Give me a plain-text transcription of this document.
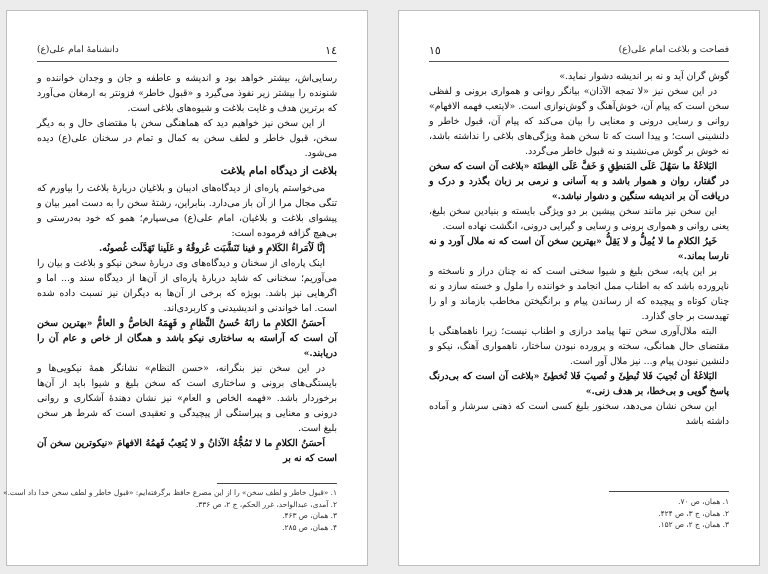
١٤
دانشنامهٔ امام علی(ع)

رسایی‌اش، بیشتر خواهد بود و اندیشه و عاطفه و جان و وجدان خواننده و شنونده را بیشتر زیر نفوذ می‌گیرد و «قبول خاطر» فزونتر به ارمغان می‌آورد که برترین هدف و غایت بلاغت و شیوه‌های بلاغی است.

از این سخن نیز خواهیم دید که هماهنگی سخن با مقتضای حال و به دیگر سخن، قبول خاطر و لطف سخن به کمال و تمام در سخنان علی(ع) دیده می‌شود.

بلاغت از دیدگاه امام بلاغت

می‌خواستم پاره‌ای از دیدگاه‌های ادیبان و بلاغیان دربارهٔ بلاغت را بیاورم که تنگی مجال مرا از آن باز می‌دارد. بنابراین، رشتهٔ سخن را به دست امیر بیان و پیشوای بلاغت و بلاغیان، امام علی(ع) می‌سپارم؛ همو که خود به‌درستی و بی‌هیچ گزافه فرموده است:

إنَّا لَاُمَراءُ الکَلامِ و فینا تَنَشَّبَت عُروقُهُ و عَلَینا تَهَدَّلَت غُصونُه.

اینک پاره‌ای از سخنان و دیدگاه‌های وی دربارهٔ سخن نیکو و بلاغت و بیان را می‌آوریم؛ سخنانی که شاید دربارهٔ پاره‌ای از آن‌ها از دیدگاه سند و... اما و اگرهایی نیز باشد. بویژه که برخی از آن‌ها به دیگران نیز نسبت داده شده است. اما خواندنی و اندیشیدنی و کاربردی‌اند.

اَحسَنُ الکلامِ ما زانَهُ حُسنُ النِّظامِ و فَهِمَهُ الخاصُّ و العامُّ «بهترین سخن آن است که آراسته به ساختاری نیکو باشد و همگان از خاص و عام آن را دریابند.»

در این سخن نیز بنگرانه، «حسن النظام» نشانگر همهٔ نیکویی‌ها و بایستگی‌های برونی و ساختاری است که سخن بلیغ و شیوا باید از آن‌ها برخوردار باشد. «فهمه الخاص و العام» نیز نشان دهندهٔ آشکاری و روانی درونی و معنایی و پیراستگی از پیچیدگی و تعقیدی است که شرط هر سخن بلیغ است.

اَحسَنُ الکلامِ ما لا تَمُجُّهُ الآذانُ و لا یُتعِبُ فَهمُهُ الافهامَ «نیکوترین سخن آن است که نه بر

١. «قبول خاطر و لطف سخن» را از این مصرع حافظ برگرفته‌ایم: «قبول خاطر و لطف سخن خدا داد است.»
٢. آمدی، عبدالواحد، غرر الحکم، ج ٢، ص ٣٣۶.
٣. همان، ص ۴۶٣.
۴. همان، ص ٢٨۵.
١٥	فصاحت و بلاغت امام علی(ع)

گوش گران آید و نه بر اندیشه دشوار نماید.»

در این سخن نیز «لا تمجه الآذان» بیانگر روانی و همواری برونی و لفظی سخن است که پیام آن، خوش‌آهنگ و گوش‌نوازی است. «لایتعب فهمه الافهام» روانی و رسایی درونی و معنایی را بیان می‌کند که پیام آن، قبول خاطر و دلنشینی است؛ و پیدا است که تا سخن همهٔ ویژگی‌های بلاغی را نداشته باشد، نه خوش بر گوش می‌نشیند و نه قبول خاطر می‌گردد.

البَلاغَةُ ما سَهُلَ عَلَی المَنطِقِ وَ خَفَّ عَلَی الفِطنَة «بلاغت آن است که سخن در گفتار، روان و هموار باشد و به آسانی و نرمی بر زبان بگذرد و درک و دریافت آن بر اندیشه سنگین و دشوار نباشد.»

این سخن نیز مانند سخن پیشین بر دو ویژگی بایسته و بنیادین سخن بلیغ، یعنی روانی و همواری برونی و رسایی و گیرایی درونی، انگشت نهاده است.

خَیرُ الکلامِ ما لا یُمِلُّ و لا یَقِلُّ «بهترین سخن آن است که نه ملال آورد و نه نارسا بماند.»

بر این پایه، سخن بلیغ و شیوا سخنی است که نه چنان دراز و ناسخته و ناپرورده باشد که به اطناب ممل انجامد و خواننده را ملول و خسته سازد و نه چنان کوتاه و پیچیده که از رساندن پیام و برانگیختن مخاطب بازماند و او را تهیدست بر جای گذارد.

البته ملال‌آوری سخن تنها پیامد درازی و اطناب نیست؛ زیرا ناهماهنگی با مقتضای حال همانگی، سخته و پرورده نبودن ساختار، ناهمواری آهنگ، نیکو و دلنشین نبودن پیام و... نیز ملال آور است.

البَلاغَةُ أن تُجیبَ فَلا تُبطِئَ و تُصیبَ فَلا تُخطِئَ «بلاغت آن است که بی‌درنگ پاسخ گویی و بی‌خطا، بر هدف زنی.»

این سخن نشان می‌دهد، سخنور بلیغ کسی است که ذهنی سرشار و آماده داشته باشد

١. همان، ص ٧٠.
٢. همان، ج ٣، ص ۴٢۴.
٣. همان، ج ٢، ص ١۵٢.
